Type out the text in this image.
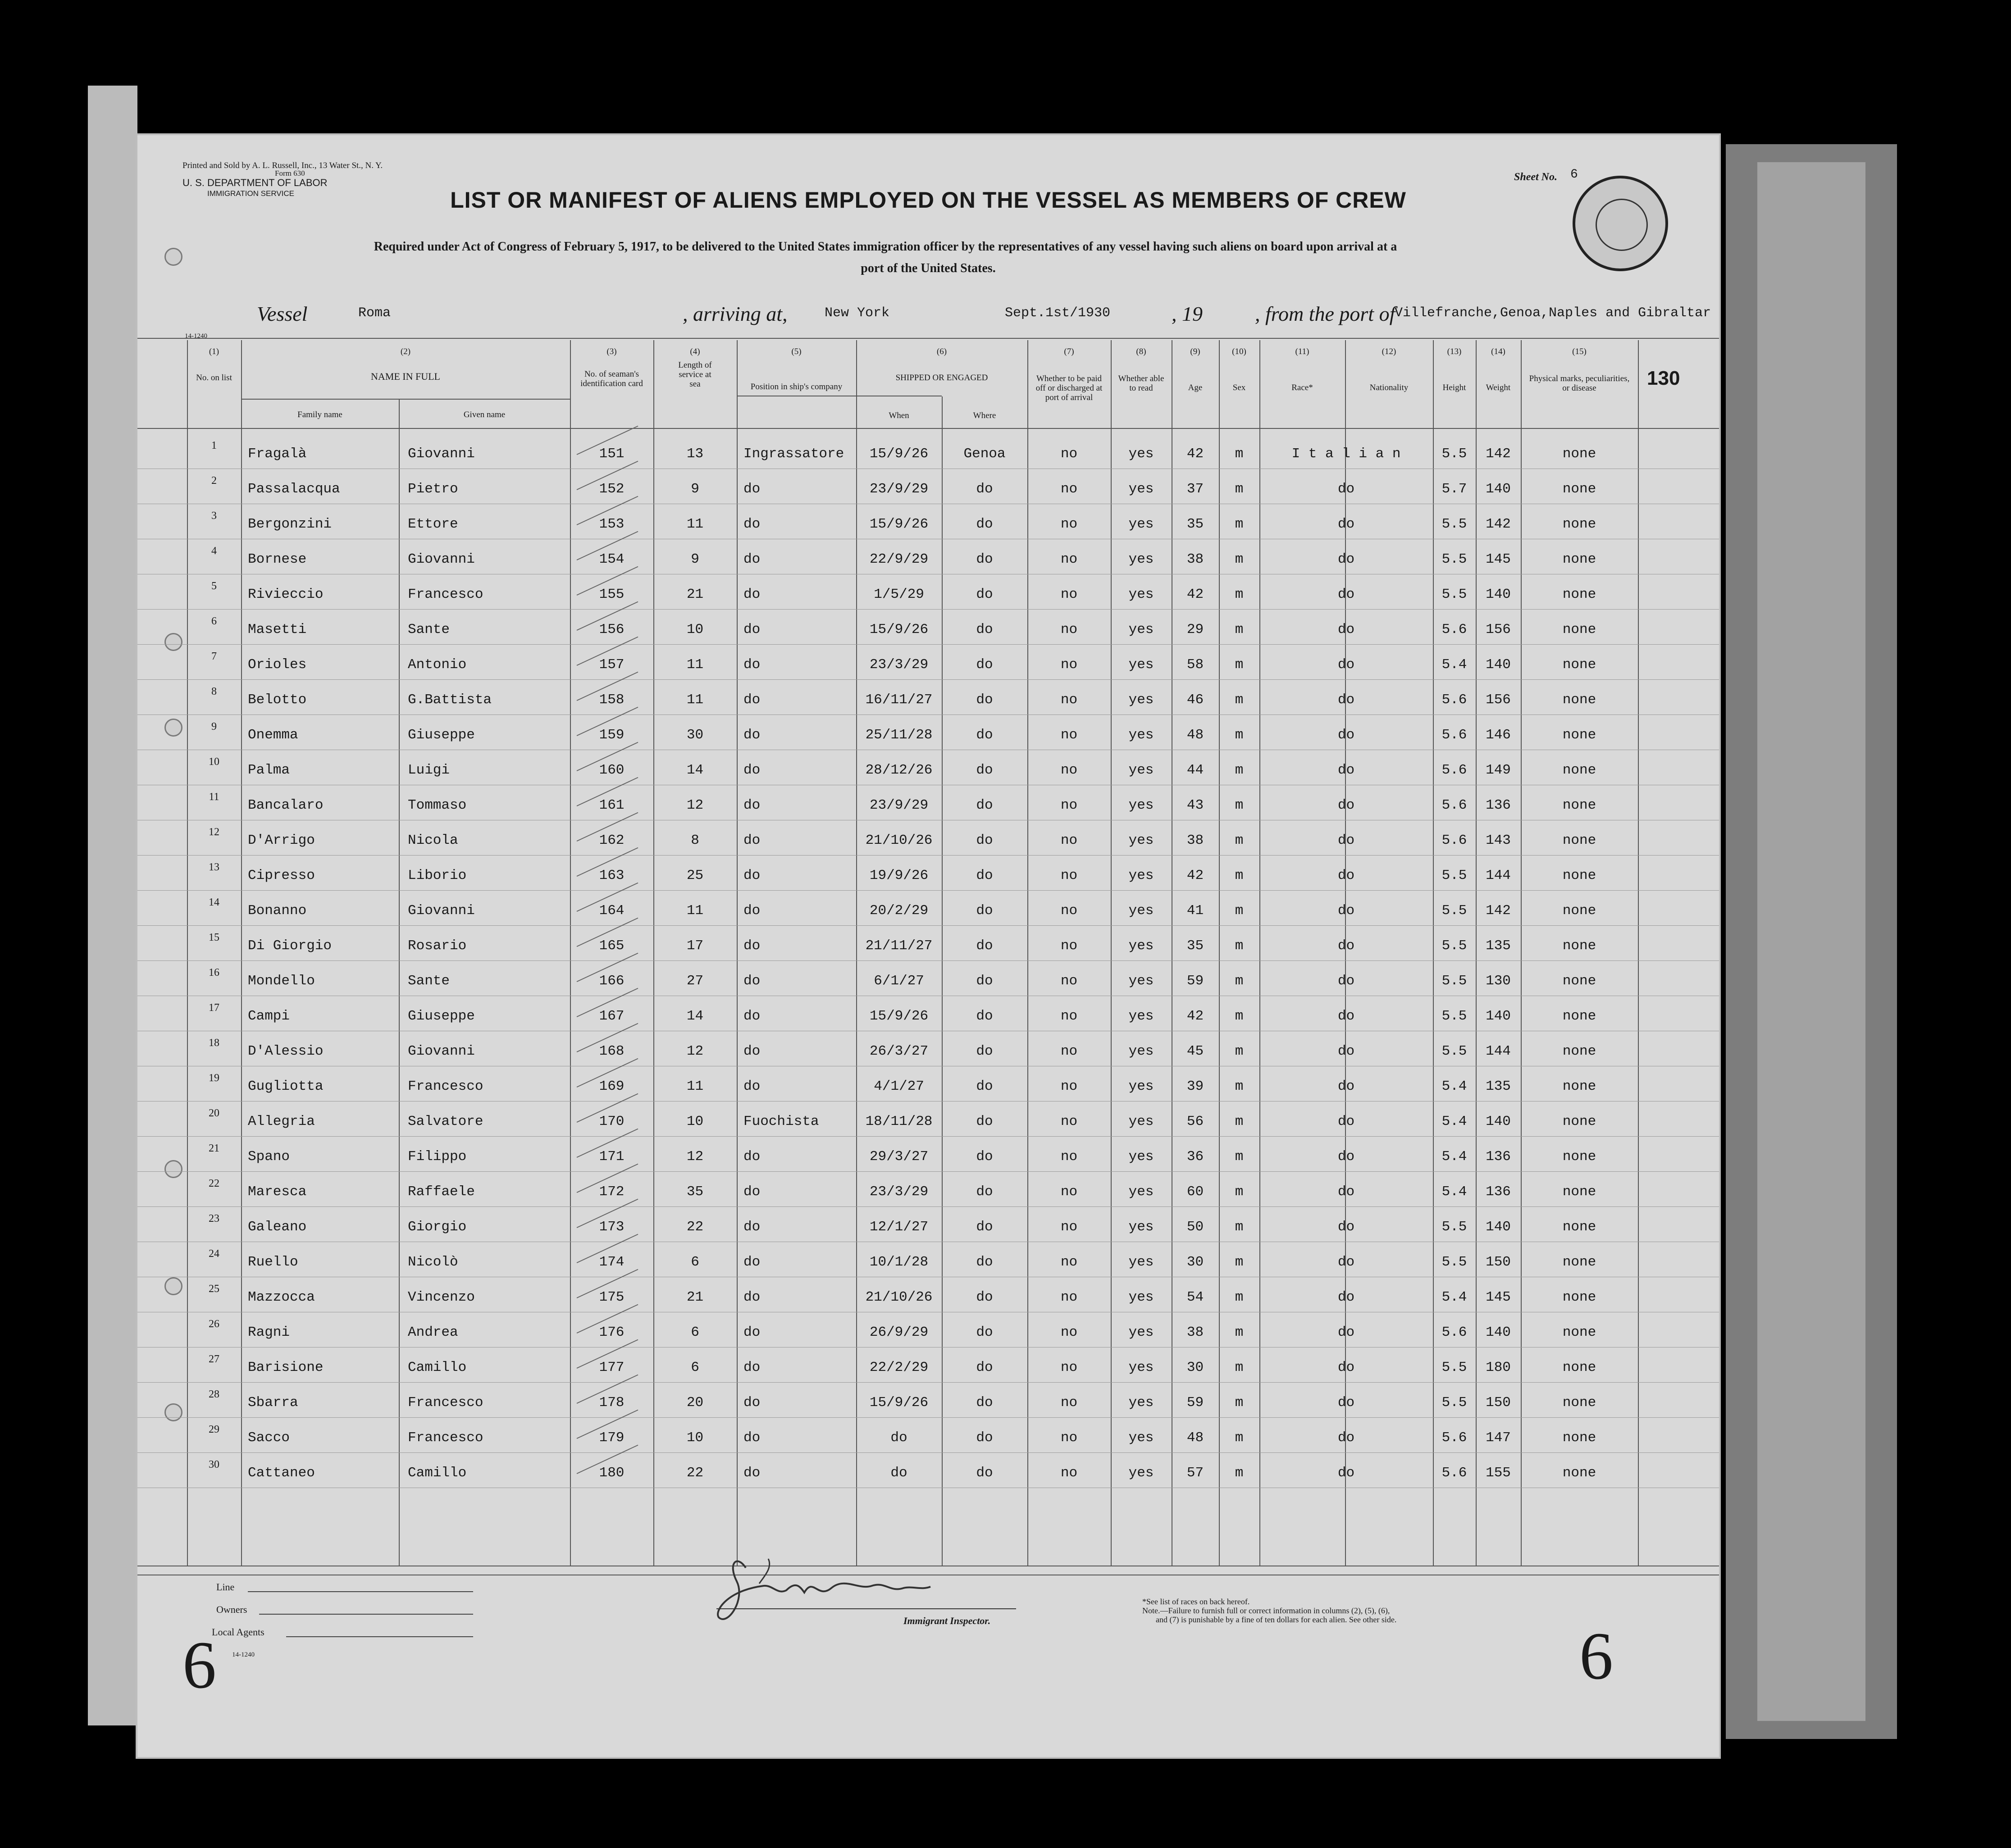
Printed and Sold by A. L. Russell, Inc., 13 Water St., N. Y.
Form 630
U. S. DEPARTMENT OF LABOR
IMMIGRATION SERVICE
Sheet No. 6
LIST OR MANIFEST OF ALIENS EMPLOYED ON THE VESSEL AS MEMBERS OF CREW
Required under Act of Congress of February 5, 1917, to be delivered to the United States immigration officer by the representatives of any vessel having such aliens on board upon arrival at a
port of the United States.
Vessel	Roma	, arriving at,	New York	Sept.1st/1930	, 19	, from the port of
Villefranche,Genoa,Naples and Gibraltar
14-1240
(1)
No. on list
(2)
NAME IN FULL
Family name	Given name
(3)
No. of seaman's identification card
(4)
Length of service at sea
(5)
Position in ship's company
(6)
SHIPPED OR ENGAGED
When	Where
(7)
Whether to be paid off or discharged at port of arrival
(8)
Whether able to read
(9)
Age
(10)
Sex
(11)
Race*
(12)
Nationality
(13)
Height
(14)
Weight
(15)
Physical marks, peculiarities, or disease	130
1
Fragalà	Giovanni	151	13	Ingrassatore	15/9/26	Genoa	no	yes	42	m	I t a l i a n	5.5	142	none
2
Passalacqua	Pietro	152	9	do	23/9/29	do	no	yes	37	m	do	5.7	140	none
3
Bergonzini	Ettore	153	11	do	15/9/26	do	no	yes	35	m	do	5.5	142	none
4
Bornese	Giovanni	154	9	do	22/9/29	do	no	yes	38	m	do	5.5	145	none
5
Rivieccio	Francesco	155	21	do	1/5/29	do	no	yes	42	m	do	5.5	140	none
6
Masetti	Sante	156	10	do	15/9/26	do	no	yes	29	m	do	5.6	156	none
7
Orioles	Antonio	157	11	do	23/3/29	do	no	yes	58	m	do	5.4	140	none
8
Belotto	G.Battista	158	11	do	16/11/27	do	no	yes	46	m	do	5.6	156	none
9
Onemma	Giuseppe	159	30	do	25/11/28	do	no	yes	48	m	do	5.6	146	none
10
Palma	Luigi	160	14	do	28/12/26	do	no	yes	44	m	do	5.6	149	none
11
Bancalaro	Tommaso	161	12	do	23/9/29	do	no	yes	43	m	do	5.6	136	none
12
D'Arrigo	Nicola	162	8	do	21/10/26	do	no	yes	38	m	do	5.6	143	none
13
Cipresso	Liborio	163	25	do	19/9/26	do	no	yes	42	m	do	5.5	144	none
14
Bonanno	Giovanni	164	11	do	20/2/29	do	no	yes	41	m	do	5.5	142	none
15
Di Giorgio	Rosario	165	17	do	21/11/27	do	no	yes	35	m	do	5.5	135	none
16
Mondello	Sante	166	27	do	6/1/27	do	no	yes	59	m	do	5.5	130	none
17
Campi	Giuseppe	167	14	do	15/9/26	do	no	yes	42	m	do	5.5	140	none
18
D'Alessio	Giovanni	168	12	do	26/3/27	do	no	yes	45	m	do	5.5	144	none
19
Gugliotta	Francesco	169	11	do	4/1/27	do	no	yes	39	m	do	5.4	135	none
20
Allegria	Salvatore	170	10	Fuochista	18/11/28	do	no	yes	56	m	do	5.4	140	none
21
Spano	Filippo	171	12	do	29/3/27	do	no	yes	36	m	do	5.4	136	none
22
Maresca	Raffaele	172	35	do	23/3/29	do	no	yes	60	m	do	5.4	136	none
23
Galeano	Giorgio	173	22	do	12/1/27	do	no	yes	50	m	do	5.5	140	none
24
Ruello	Nicolò	174	6	do	10/1/28	do	no	yes	30	m	do	5.5	150	none
25
Mazzocca	Vincenzo	175	21	do	21/10/26	do	no	yes	54	m	do	5.4	145	none
26
Ragni	Andrea	176	6	do	26/9/29	do	no	yes	38	m	do	5.6	140	none
27
Barisione	Camillo	177	6	do	22/2/29	do	no	yes	30	m	do	5.5	180	none
28
Sbarra	Francesco	178	20	do	15/9/26	do	no	yes	59	m	do	5.5	150	none
29
Sacco	Francesco	179	10	do	do	do	no	yes	48	m	do	5.6	147	none
30
Cattaneo	Camillo	180	22	do	do	do	no	yes	57	m	do	5.6	155	none
Line
Owners
Local Agents
14-1240
Immigrant Inspector.
*See list of races on back hereof.
Note.—Failure to furnish full or correct information in columns (2), (5), (6),
and (7) is punishable by a fine of ten dollars for each alien. See other side.
6	6
